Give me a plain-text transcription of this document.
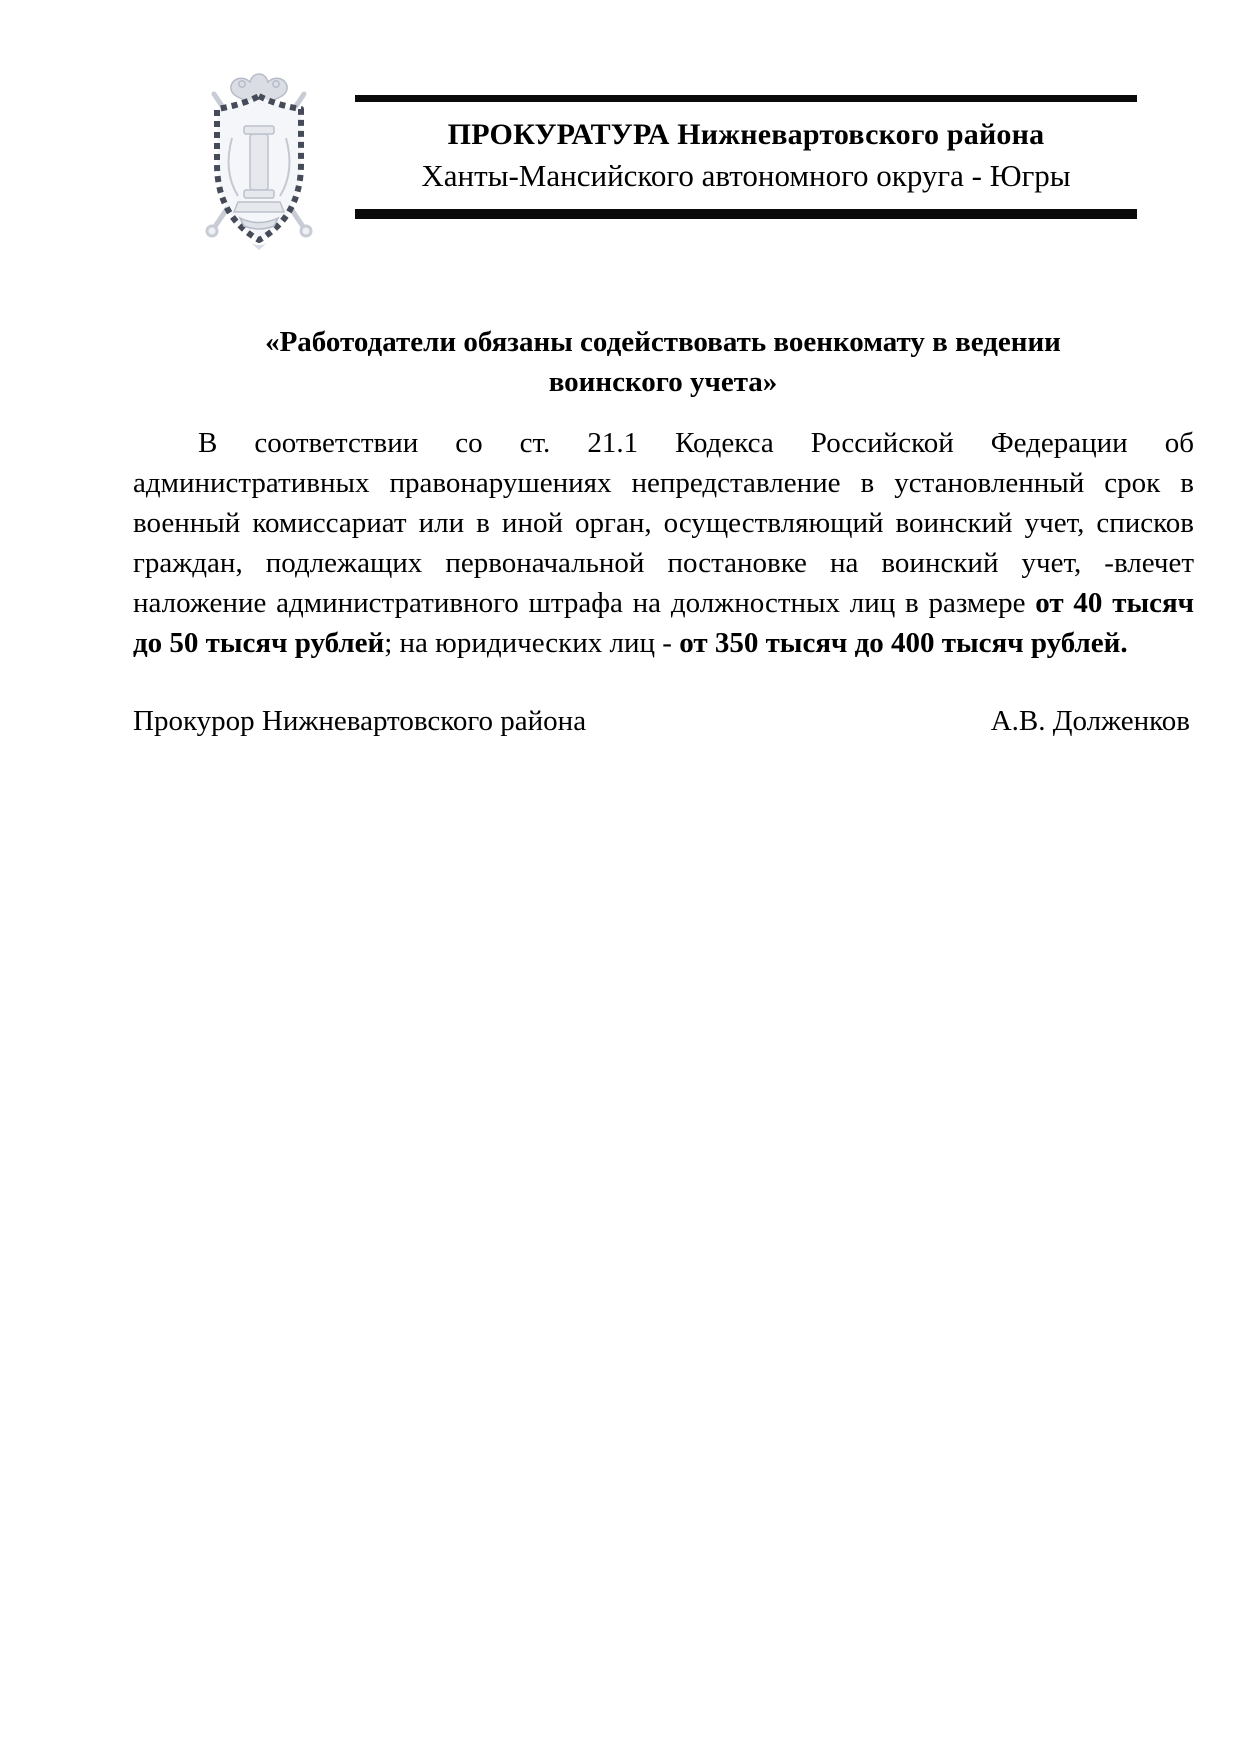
ПРОКУРАТУРА Нижневартовского района
Ханты-Мансийского автономного округа - Югры
«Работодатели обязаны содействовать военкомату в ведении
воинского учета»

В соответствии со ст. 21.1 Кодекса Российской Федерации об административных правонарушениях непредставление в установленный срок в военный комиссариат или в иной орган, осуществляющий воинский учет, списков граждан, подлежащих первоначальной постановке на воинский учет, -влечет наложение административного штрафа на должностных лиц в размере от 40 тысяч до 50 тысяч рублей; на юридических лиц - от 350 тысяч до 400 тысяч рублей.

Прокурор Нижневартовского района	А.В. Долженков
